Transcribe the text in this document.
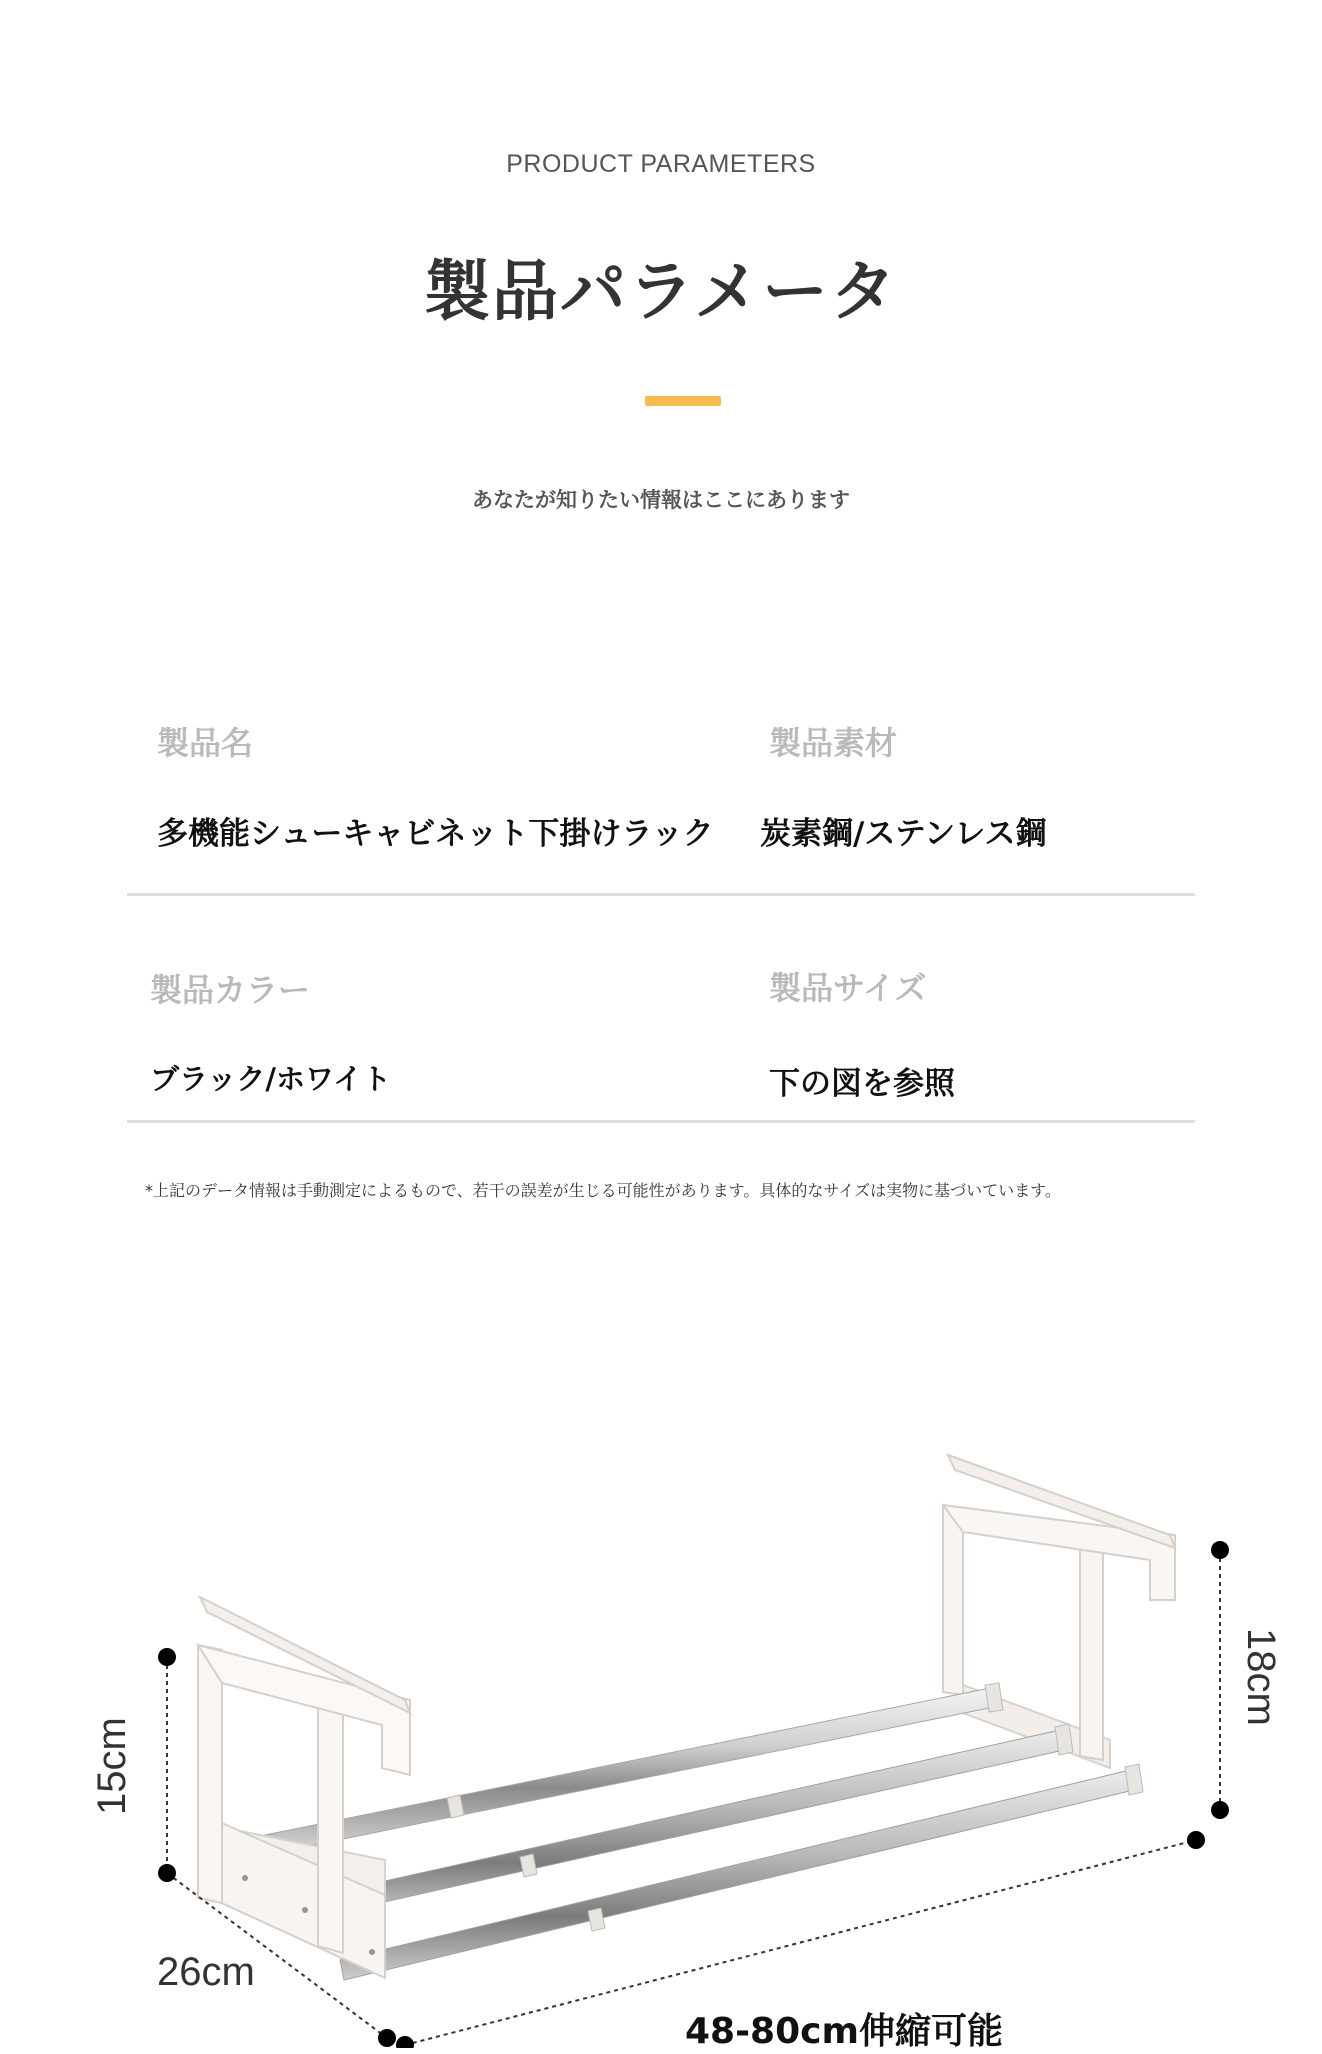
PRODUCT PARAMETERS
製品パラメータ
あなたが知りたい情報はここにあります
製品名	製品素材
多機能シューキャビネット下掛けラック 炭素鋼/ステンレス鋼
製品カラー	製品サイズ
ブラック/ホワイト	下の図を参照
*上記のデータ情報は手動測定によるもので、若干の誤差が生じる可能性があります。具体的なサイズは実物に基づいています。
15cm
18cm
26cm
48-80cm伸縮可能
